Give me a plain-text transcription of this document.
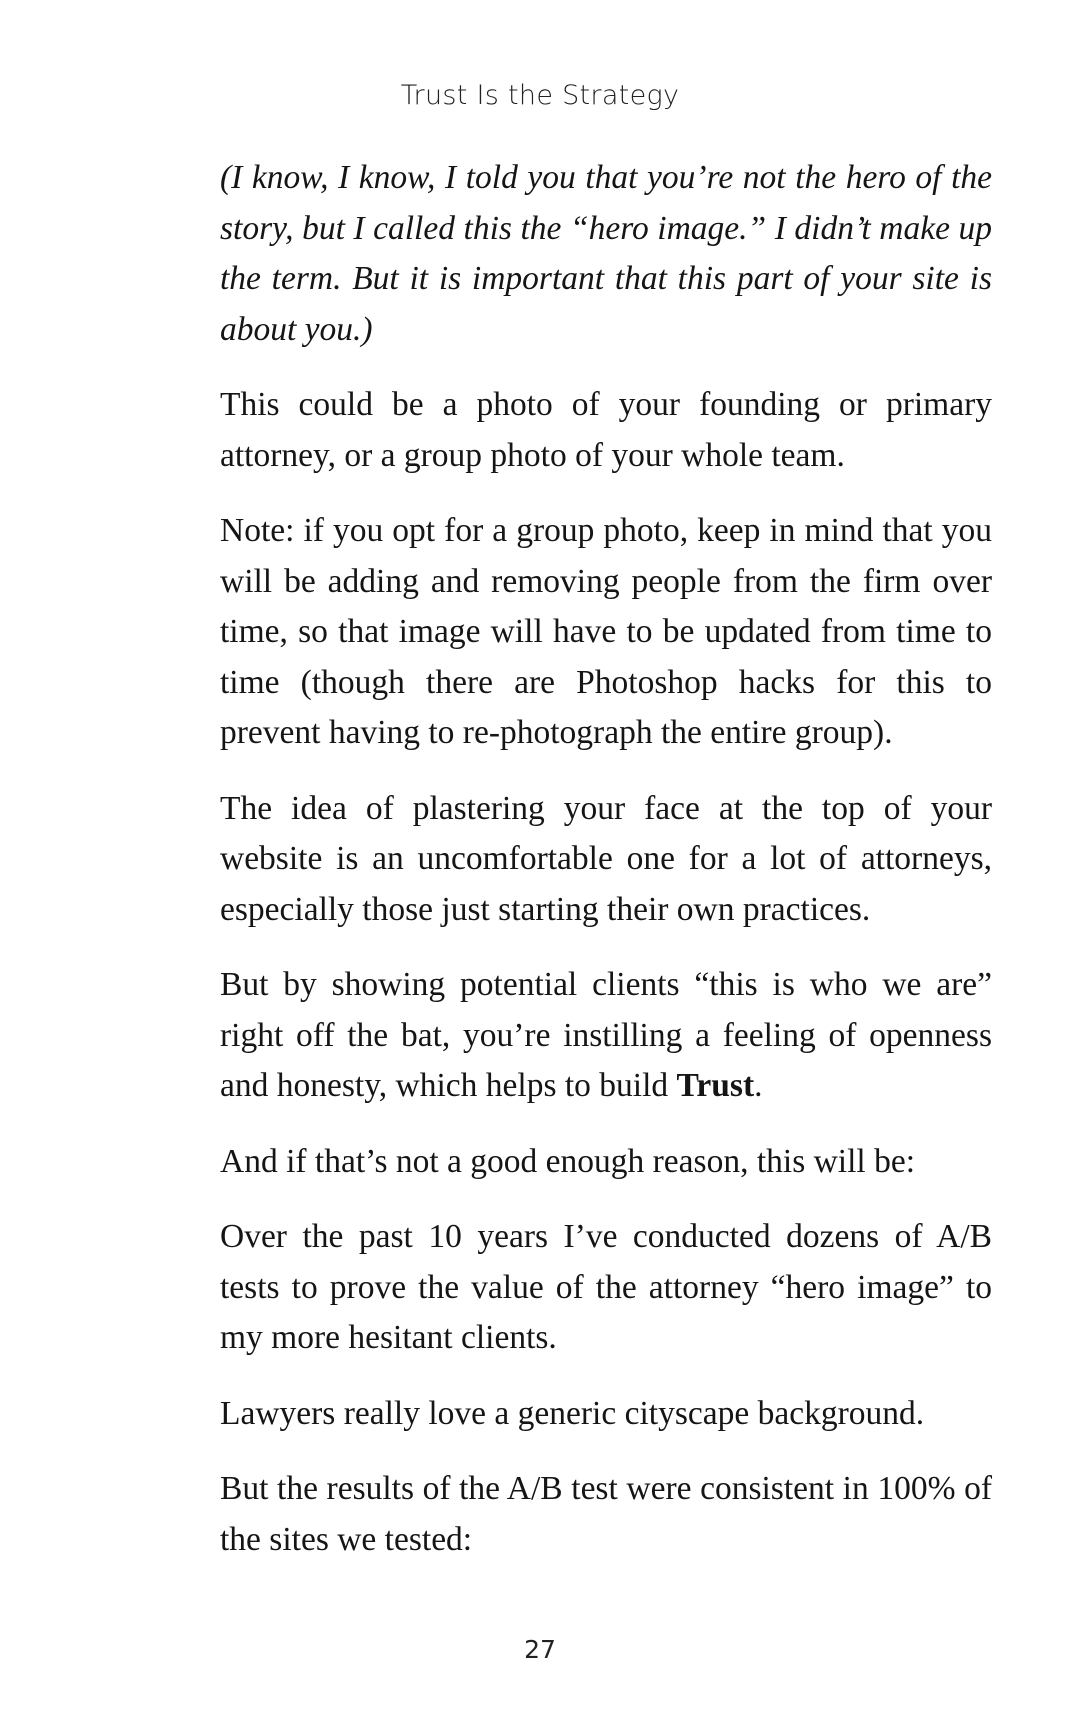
Trust Is the Strategy

(I know, I know, I told you that you’re not the hero of the story, but I called this the “hero image.” I didn’t make up the term. But it is important that this part of your site is about you.)

This could be a photo of your founding or primary attorney, or a group photo of your whole team.

Note: if you opt for a group photo, keep in mind that you will be adding and removing people from the firm over time, so that image will have to be updated from time to time (though there are Photoshop hacks for this to prevent having to re-photograph the entire group).

The idea of plastering your face at the top of your website is an uncomfortable one for a lot of attorneys, especially those just starting their own practices.

But by showing potential clients “this is who we are” right off the bat, you’re instilling a feeling of openness and honesty, which helps to build Trust.

And if that’s not a good enough reason, this will be:

Over the past 10 years I’ve conducted dozens of A/B tests to prove the value of the attorney “hero image” to my more hesitant clients.

Lawyers really love a generic cityscape background.

But the results of the A/B test were consistent in 100% of the sites we tested:

27
